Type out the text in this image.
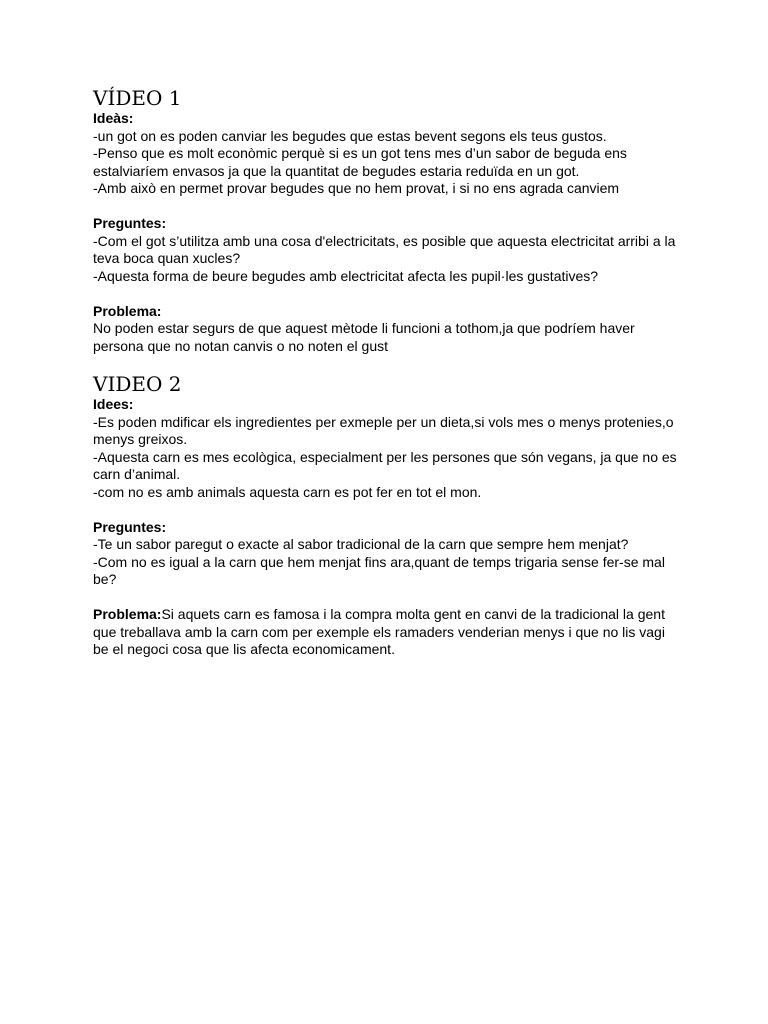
VÍDEO 1

Ideàs:

-un got on es poden canviar les begudes que estas bevent segons els teus gustos.

-Penso que es molt econòmic perquè si es un got tens mes d’un sabor de beguda ens estalviaríem envasos ja que la quantitat de begudes estaria reduïda en un got.

-Amb això en permet provar begudes que no hem provat, i si no ens agrada canviem

Preguntes:

-Com el got s’utilitza amb una cosa d'electricitats, es posible que aquesta electricitat arribi a la teva boca quan xucles?

-Aquesta forma de beure begudes amb electricitat afecta les pupil·les gustatives?

Problema:

No poden estar segurs de que aquest mètode li funcioni a tothom,ja que podríem haver persona que no notan canvis o no noten el gust

VIDEO 2

Idees:

-Es poden mdificar els ingredientes per exmeple per un dieta,si vols mes o menys protenies,o menys greixos.

-Aquesta carn es mes ecològica, especialment per les persones que són vegans, ja que no es carn d’animal.

-com no es amb animals aquesta carn es pot fer en tot el mon.

Preguntes:

-Te un sabor paregut o exacte al sabor tradicional de la carn que sempre hem menjat?

-Com no es igual a la carn que hem menjat fins ara,quant de temps trigaria sense fer-se mal be?

Problema:Si aquets carn es famosa i la compra molta gent en canvi de la tradicional la gent que treballava amb la carn com per exemple els ramaders venderian menys i que no lis vagi be el negoci cosa que lis afecta economicament.
